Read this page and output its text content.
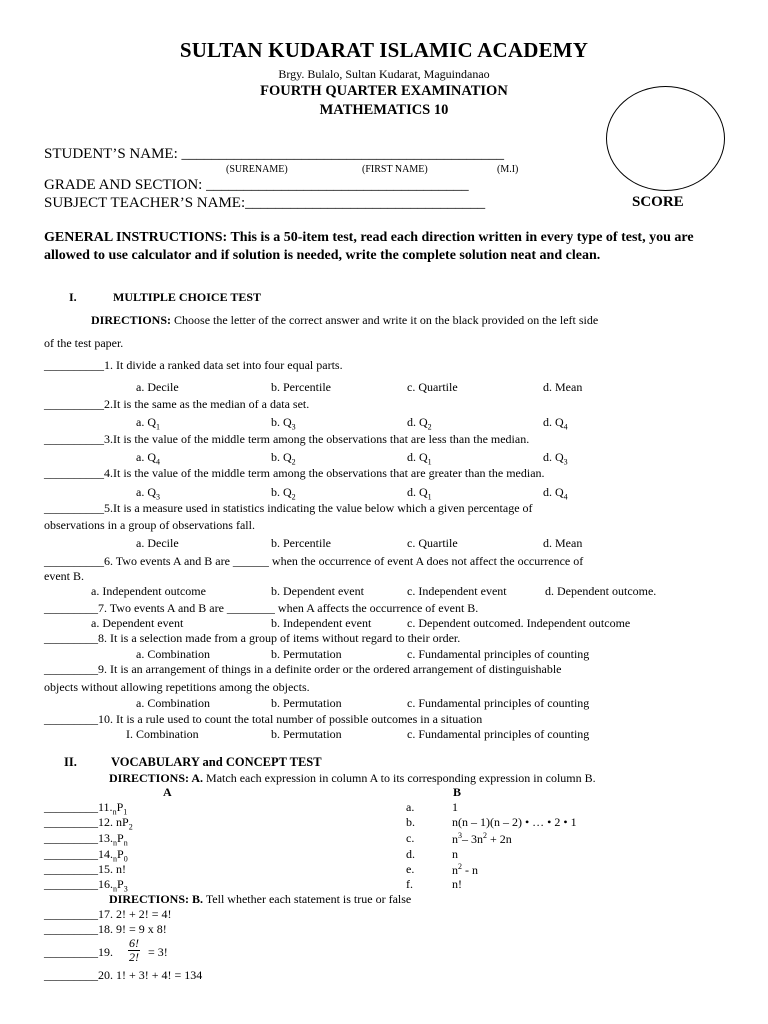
SULTAN KUDARAT ISLAMIC ACADEMY
Brgy. Bulalo, Sultan Kudarat, Maguindanao
FOURTH QUARTER EXAMINATION
MATHEMATICS 10
SCORE
STUDENT’S NAME: ___________________________________________
(SURENAME)	(FIRST NAME)	(M.I)
GRADE AND SECTION: ___________________________________
SUBJECT TEACHER’S NAME:________________________________
GENERAL INSTRUCTIONS: This is a 50-item test, read each direction written in every type of test, you are allowed to use calculator and if solution is needed, write the complete solution neat and clean.
I.	MULTIPLE CHOICE TEST
DIRECTIONS: Choose the letter of the correct answer and write it on the black provided on the left side
of the test paper.
__________1. It divide a ranked data set into four equal parts.
a. Decile	b. Percentile	c. Quartile	d. Mean
__________2.It is the same as the median of a data set.
a. $Q_1$	b. $Q_3$	d. $Q_2$	d. $Q_4$
__________3.It is the value of the middle term among the observations that are less than the median.
a. $Q_4$	b. $Q_2$	d. $Q_1$	d. $Q_3$
__________4.It is the value of the middle term among the observations that are greater than the median.
a. $Q_3$	b. $Q_2$	d. $Q_1$	d. $Q_4$
__________5.It is a measure used in statistics indicating the value below which a given percentage of
observations in a group of observations fall.
a. Decile	b. Percentile	c. Quartile	d. Mean
__________6. Two events A and B are ______ when the occurrence of event A does not affect the occurrence of
event B.
a. Independent outcome	b. Dependent event	c. Independent event	d. Dependent outcome.
_________7. Two events A and B are ________ when A affects the occurrence of event B.
a. Dependent event	b. Independent event	c. Dependent outcomed. Independent outcome
_________8. It is a selection made from a group of items without regard to their order.
a. Combination	b. Permutation	c. Fundamental principles of counting
_________9. It is an arrangement of things in a definite order or the ordered arrangement of distinguishable
objects without allowing repetitions among the objects.
a. Combination	b. Permutation	c. Fundamental principles of counting
_________10. It is a rule used to count the total number of possible outcomes in a situation
I. Combination	b. Permutation	c. Fundamental principles of counting
II.	VOCABULARY and CONCEPT TEST
DIRECTIONS: A. Match each expression in column A to its corresponding expression in column B.
A	B
$\_\_\_\_\_\_\_\_\_11._nP_1$	a.	1
_________12. $nP_2$	b.	n(n – 1)(n – 2) • … • 2 • 1
$\_\_\_\_\_\_\_\_\_13._nP_n$	c.	$n^3-$ $3n^2 + 2n$
$\_\_\_\_\_\_\_\_\_14._nP_0$	d.	n
_________15. n!	e.	$n^2$ - n
$\_\_\_\_\_\_\_\_\_16._nP_3$	f.	n!
DIRECTIONS: B. Tell whether each statement is true or false
_________17. 2! + 2! = 4!
_________18. 9! = 9 x 8!
_________19. $\frac{6!}{2!} = 3$!
_________20. 1! + 3! + 4! = 134
